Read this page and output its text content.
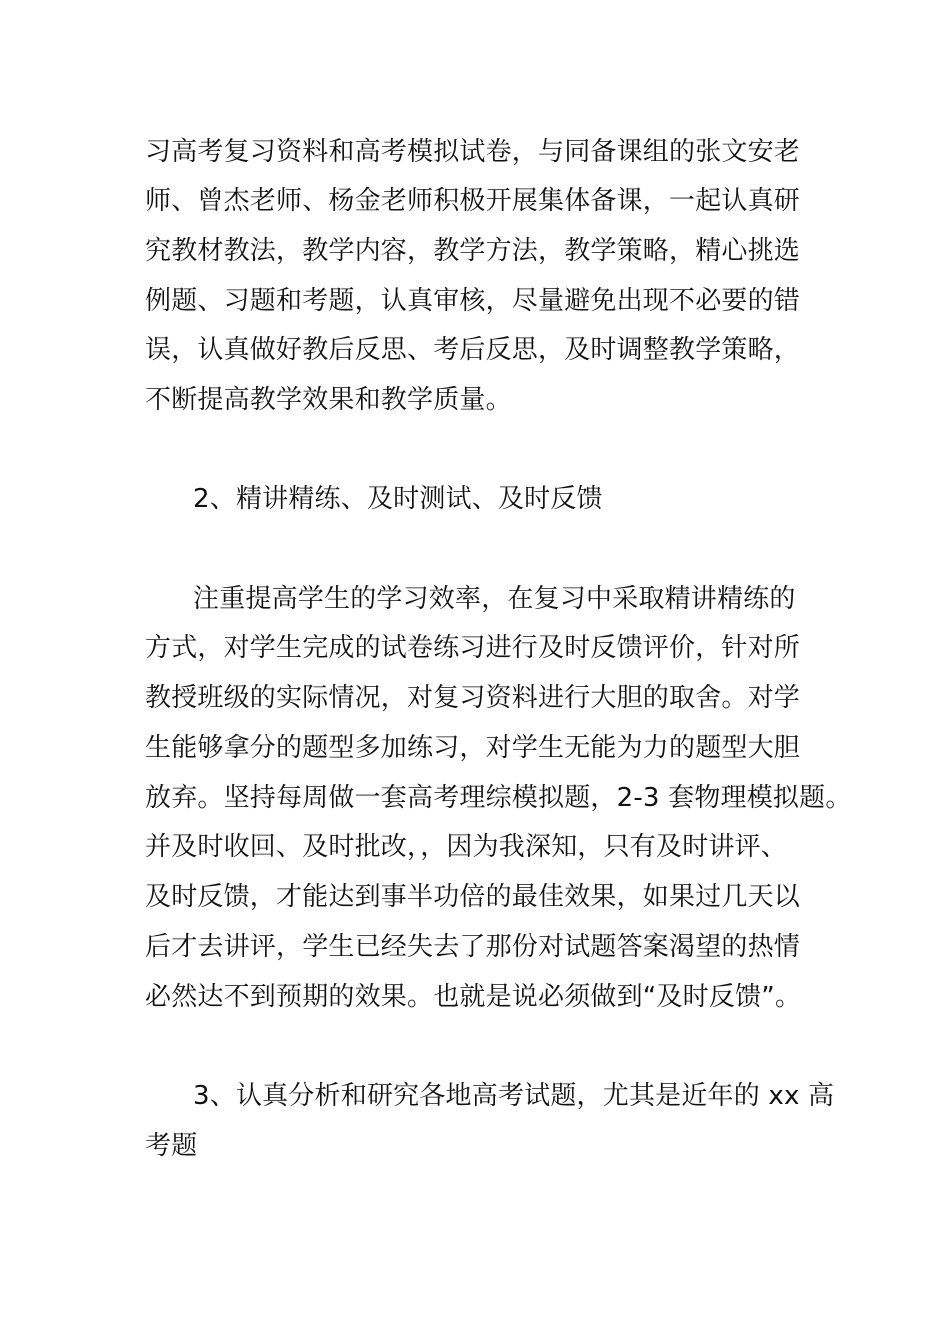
习高考复习资料和高考模拟试卷，与同备课组的张文安老
师、曾杰老师、杨金老师积极开展集体备课，一起认真研
究教材教法，教学内容，教学方法，教学策略，精心挑选
例题、习题和考题，认真审核，尽量避免出现不必要的错
误，认真做好教后反思、考后反思，及时调整教学策略，
不断提高教学效果和教学质量。
2、精讲精练、及时测试、及时反馈
注重提高学生的学习效率，在复习中采取精讲精练的
方式，对学生完成的试卷练习进行及时反馈评价，针对所
教授班级的实际情况，对复习资料进行大胆的取舍。对学
生能够拿分的题型多加练习，对学生无能为力的题型大胆
放弃。坚持每周做一套高考理综模拟题，2-3 套物理模拟题。
并及时收回、及时批改，，因为我深知，只有及时讲评、
及时反馈，才能达到事半功倍的最佳效果，如果过几天以
后才去讲评，学生已经失去了那份对试题答案渴望的热情
必然达不到预期的效果。也就是说必须做到“及时反馈”。
3、认真分析和研究各地高考试题，尤其是近年的 xx 高
考题
